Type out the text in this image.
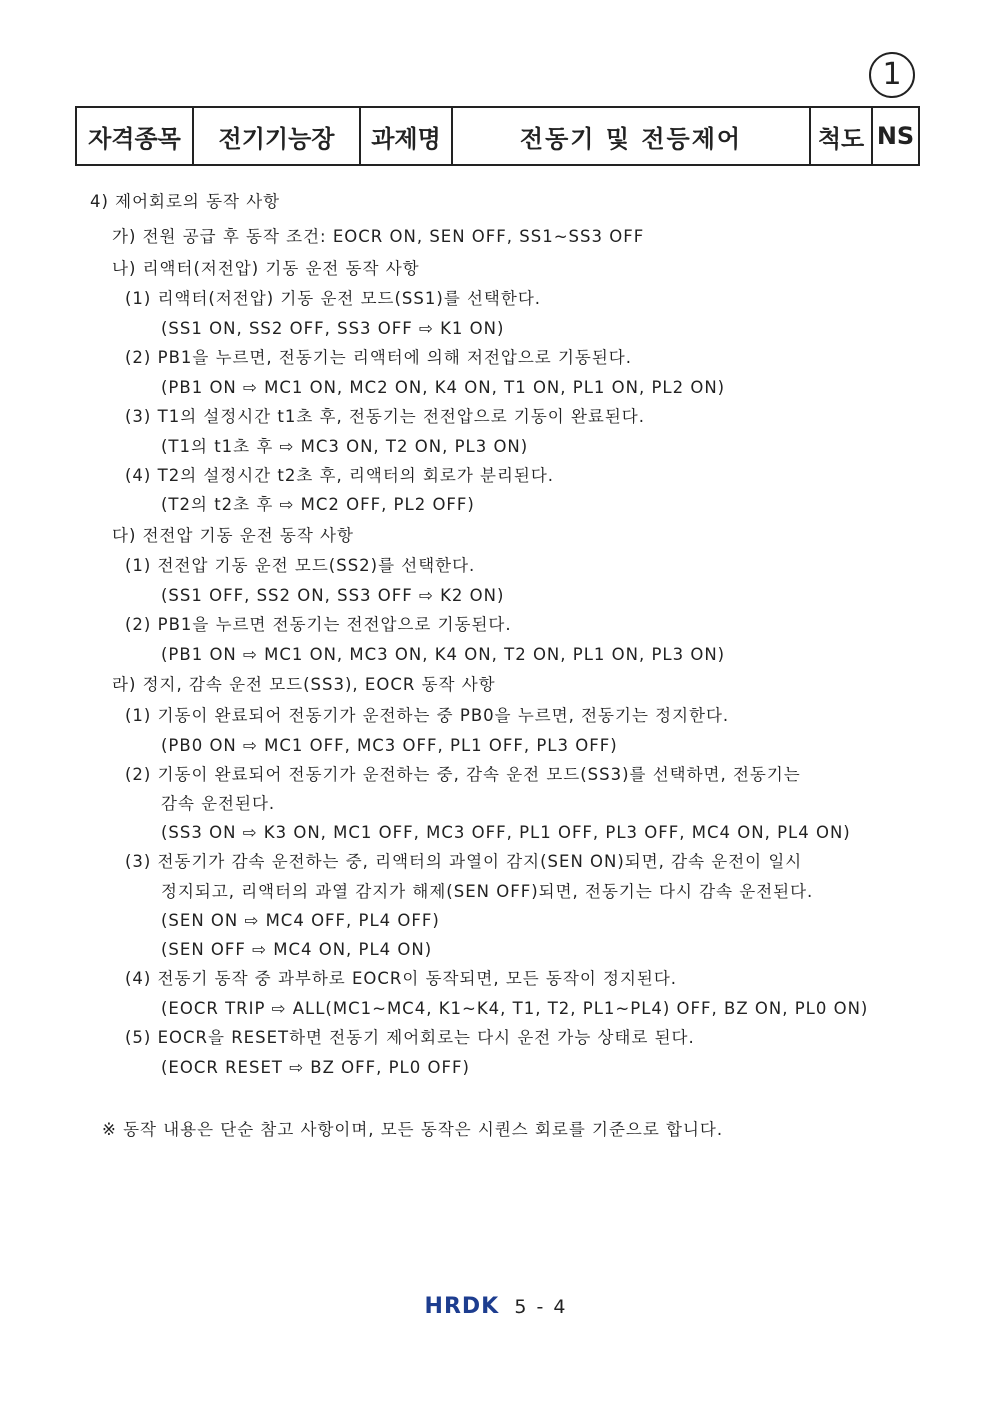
1
자격종목	전기기능장	과제명	전동기 및 전등제어	척도	NS
4) 제어회로의 동작 사항
가) 전원 공급 후 동작 조건: EOCR ON, SEN OFF, SS1~SS3 OFF
나) 리액터(저전압) 기동 운전 동작 사항
(1) 리액터(저전압) 기동 운전 모드(SS1)를 선택한다.
(SS1 ON, SS2 OFF, SS3 OFF ⇨ K1 ON)
(2) PB1을 누르면, 전동기는 리액터에 의해 저전압으로 기동된다.
(PB1 ON ⇨ MC1 ON, MC2 ON, K4 ON, T1 ON, PL1 ON, PL2 ON)
(3) T1의 설정시간 t1초 후, 전동기는 전전압으로 기동이 완료된다.
(T1의 t1초 후 ⇨ MC3 ON, T2 ON, PL3 ON)
(4) T2의 설정시간 t2초 후, 리액터의 회로가 분리된다.
(T2의 t2초 후 ⇨ MC2 OFF, PL2 OFF)
다) 전전압 기동 운전 동작 사항
(1) 전전압 기동 운전 모드(SS2)를 선택한다.
(SS1 OFF, SS2 ON, SS3 OFF ⇨ K2 ON)
(2) PB1을 누르면 전동기는 전전압으로 기동된다.
(PB1 ON ⇨ MC1 ON, MC3 ON, K4 ON, T2 ON, PL1 ON, PL3 ON)
라) 정지, 감속 운전 모드(SS3), EOCR 동작 사항
(1) 기동이 완료되어 전동기가 운전하는 중 PB0을 누르면, 전동기는 정지한다.
(PB0 ON ⇨ MC1 OFF, MC3 OFF, PL1 OFF, PL3 OFF)
(2) 기동이 완료되어 전동기가 운전하는 중, 감속 운전 모드(SS3)를 선택하면, 전동기는
감속 운전된다.
(SS3 ON ⇨ K3 ON, MC1 OFF, MC3 OFF, PL1 OFF, PL3 OFF, MC4 ON, PL4 ON)
(3) 전동기가 감속 운전하는 중, 리액터의 과열이 감지(SEN ON)되면, 감속 운전이 일시
정지되고, 리액터의 과열 감지가 해제(SEN OFF)되면, 전동기는 다시 감속 운전된다.
(SEN ON ⇨ MC4 OFF, PL4 OFF)
(SEN OFF ⇨ MC4 ON, PL4 ON)
(4) 전동기 동작 중 과부하로 EOCR이 동작되면, 모든 동작이 정지된다.
(EOCR TRIP ⇨ ALL(MC1~MC4, K1~K4, T1, T2, PL1~PL4) OFF, BZ ON, PL0 ON)
(5) EOCR을 RESET하면 전동기 제어회로는 다시 운전 가능 상태로 된다.
(EOCR RESET ⇨ BZ OFF, PL0 OFF)
※ 동작 내용은 단순 참고 사항이며, 모든 동작은 시퀀스 회로를 기준으로 합니다.
HRDK 5 - 4
